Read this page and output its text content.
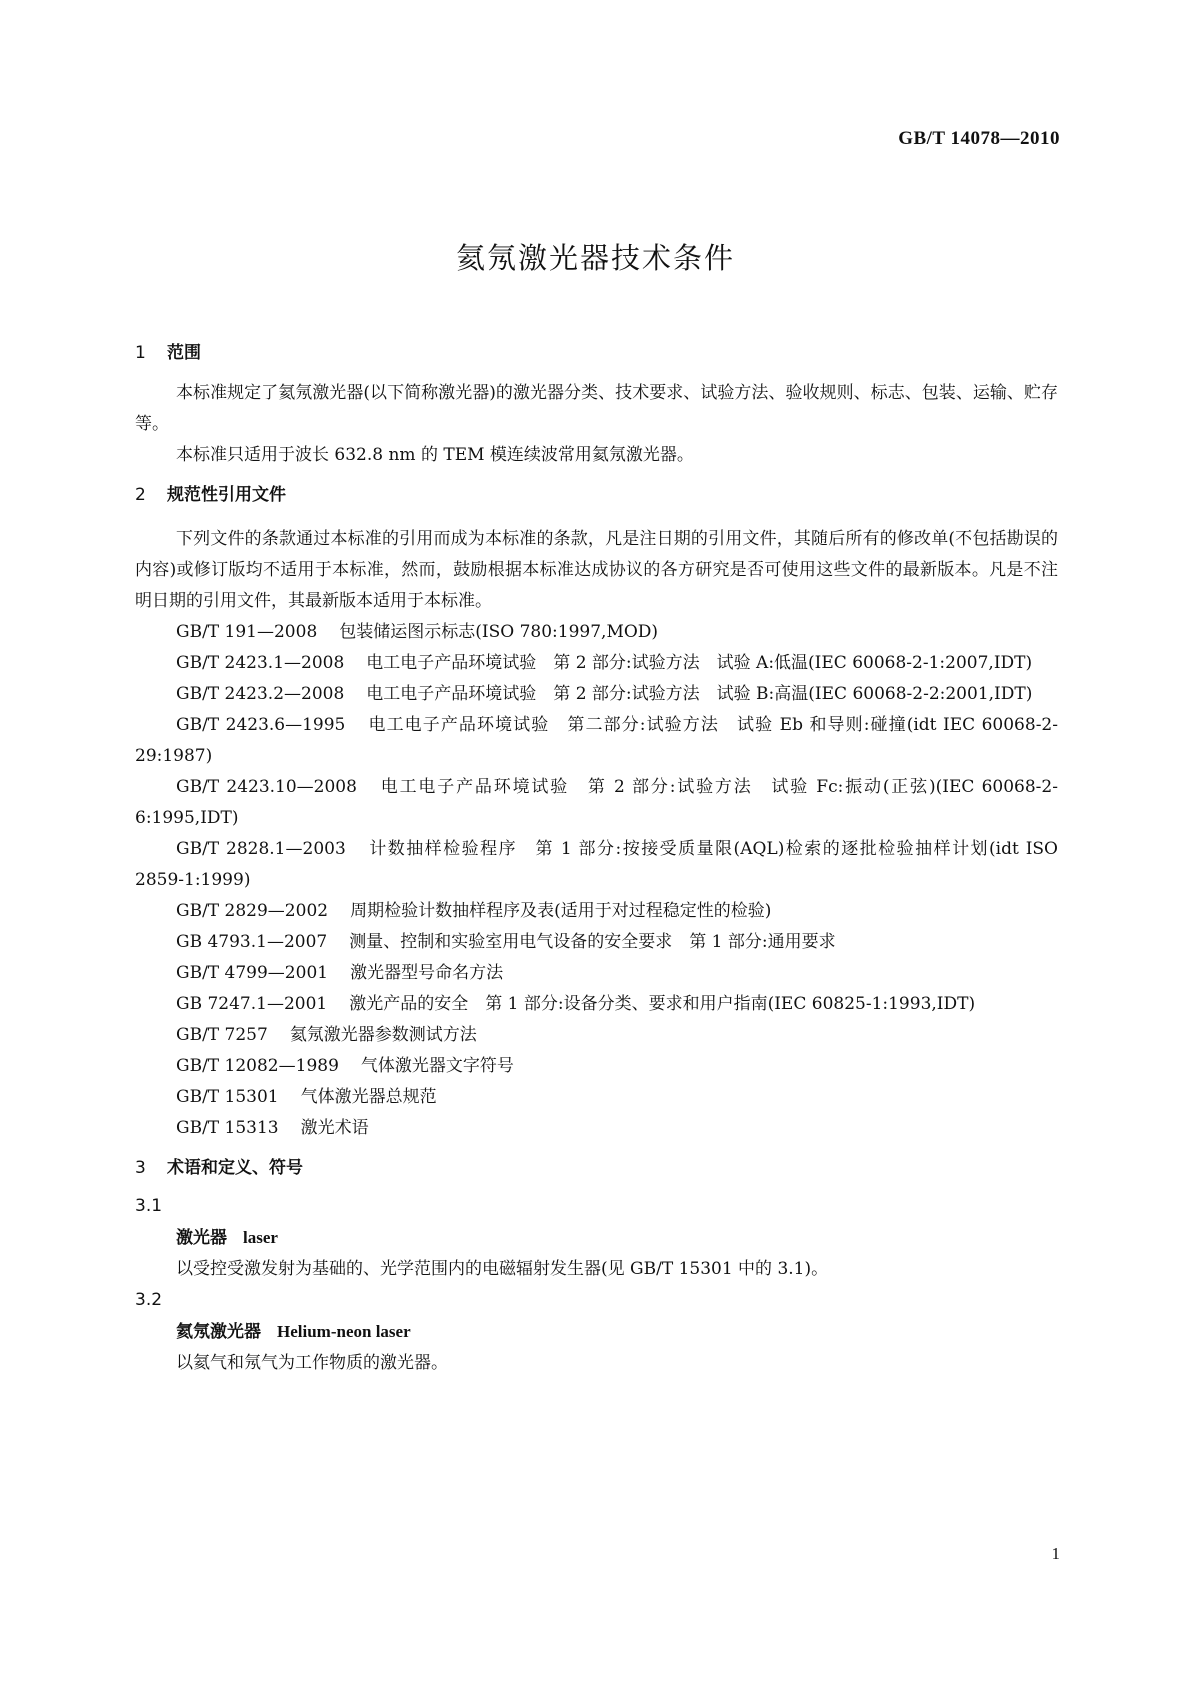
GB/T 14078—2010
氦氖激光器技术条件
1 范围

本标准规定了氦氖激光器(以下简称激光器)的激光器分类、技术要求、试验方法、验收规则、标志、包装、运输、贮存等。

本标准只适用于波长 632.8 nm 的 TEM 模连续波常用氦氖激光器。

2 规范性引用文件

下列文件的条款通过本标准的引用而成为本标准的条款，凡是注日期的引用文件，其随后所有的修改单(不包括勘误的内容)或修订版均不适用于本标准，然而，鼓励根据本标准达成协议的各方研究是否可使用这些文件的最新版本。凡是不注明日期的引用文件，其最新版本适用于本标准。

GB/T 191—2008 包装储运图示标志(ISO 780:1997,MOD)

GB/T 2423.1—2008 电工电子产品环境试验　第 2 部分:试验方法　试验 A:低温(IEC 60068-2-1:2007,IDT)

GB/T 2423.2—2008 电工电子产品环境试验　第 2 部分:试验方法　试验 B:高温(IEC 60068-2-2:2001,IDT)

GB/T 2423.6—1995 电工电子产品环境试验　第二部分:试验方法　试验 Eb 和导则:碰撞(idt IEC 60068-2-29:1987)

GB/T 2423.10—2008 电工电子产品环境试验　第 2 部分:试验方法　试验 Fc:振动(正弦)(IEC 60068-2-6:1995,IDT)

GB/T 2828.1—2003 计数抽样检验程序　第 1 部分:按接受质量限(AQL)检索的逐批检验抽样计划(idt ISO 2859-1:1999)

GB/T 2829—2002 周期检验计数抽样程序及表(适用于对过程稳定性的检验)

GB 4793.1—2007 测量、控制和实验室用电气设备的安全要求　第 1 部分:通用要求

GB/T 4799—2001 激光器型号命名方法

GB 7247.1—2001 激光产品的安全　第 1 部分:设备分类、要求和用户指南(IEC 60825-1:1993,IDT)

GB/T 7257 氦氖激光器参数测试方法

GB/T 12082—1989 气体激光器文字符号

GB/T 15301 气体激光器总规范

GB/T 15313 激光术语

3 术语和定义、符号
3.1
激光器 laser
以受控受激发射为基础的、光学范围内的电磁辐射发生器(见 GB/T 15301 中的 3.1)。
3.2
氦氖激光器 Helium-neon laser
以氦气和氖气为工作物质的激光器。
1
